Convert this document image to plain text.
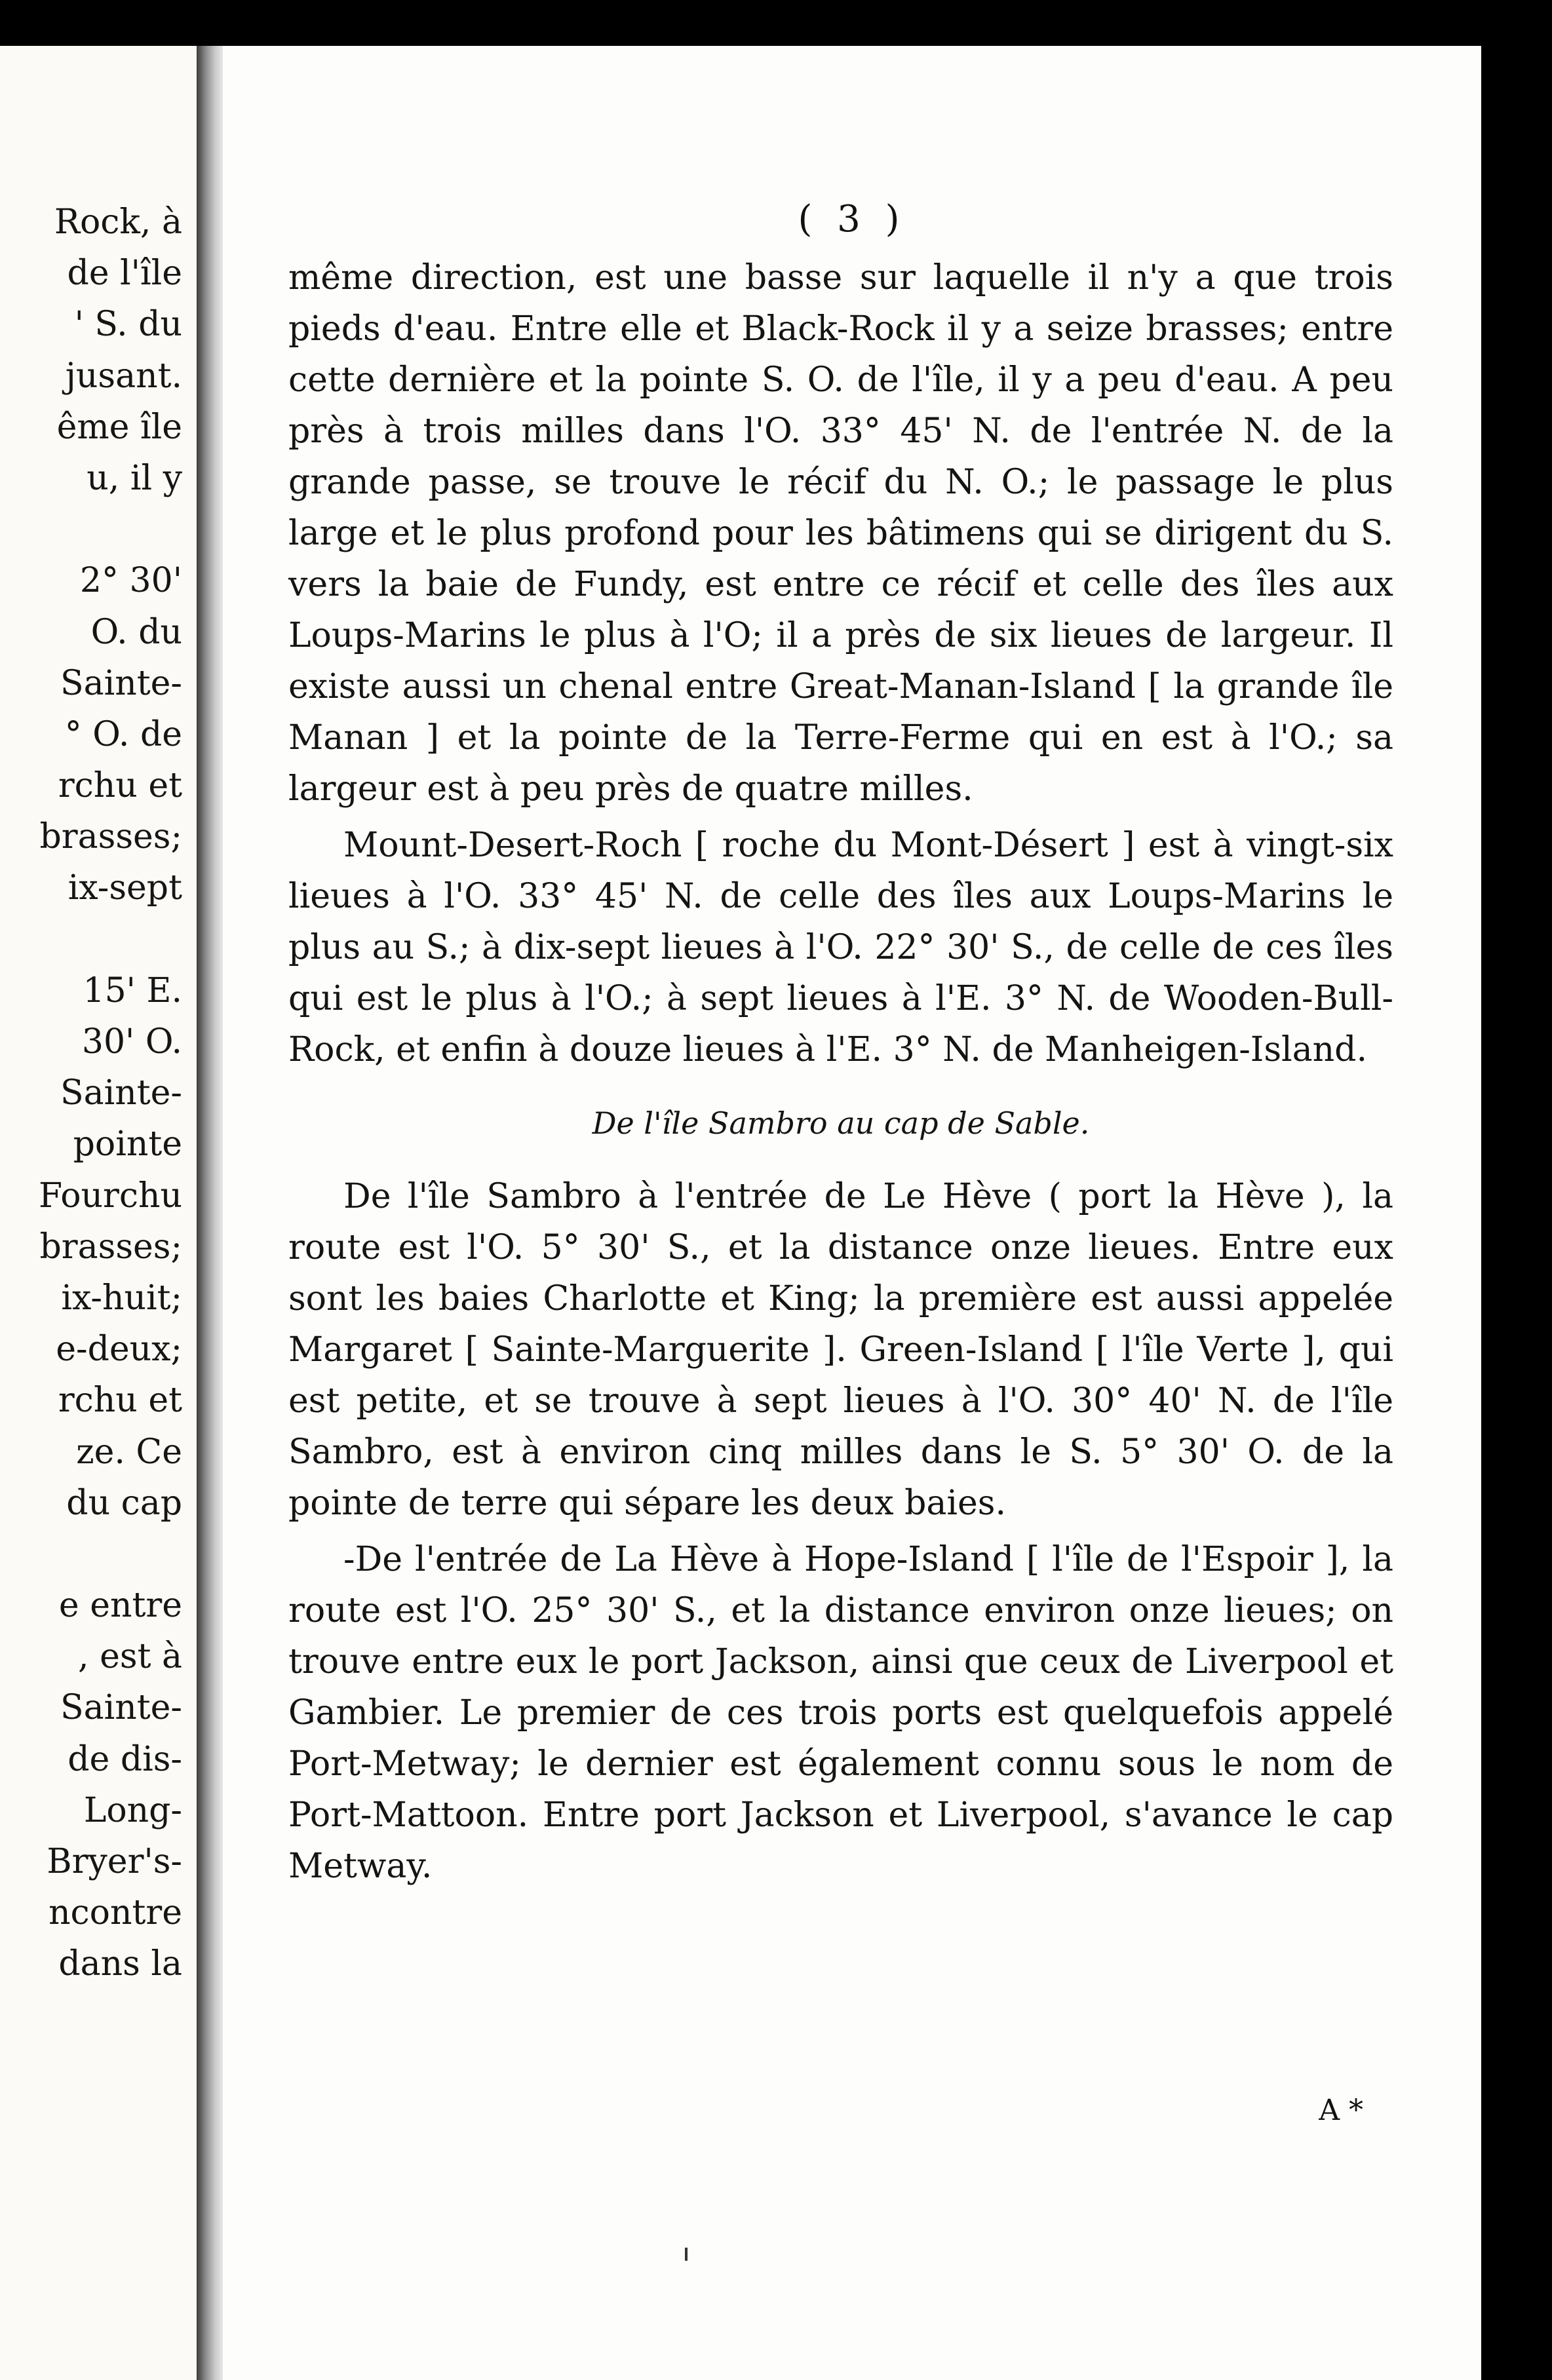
Rock, à
de l'île
' S. du
jusant.
ême île
u, il y
2° 30'
O. du
Sainte-
° O. de
rchu et
brasses;
ix-sept
15' E.
30' O.
Sainte-
pointe
Fourchu
brasses;
ix-huit;
e-deux;
rchu et
ze. Ce
du cap
e entre
, est à
Sainte-
de dis-
Long-
Bryer's-
ncontre
dans la
( 3 )

même direction, est une basse sur laquelle il n'y a que trois pieds d'eau. Entre elle et Black-Rock il y a seize brasses; entre cette dernière et la pointe S. O. de l'île, il y a peu d'eau. A peu près à trois milles dans l'O. 33° 45' N. de l'entrée N. de la grande passe, se trouve le récif du N. O.; le passage le plus large et le plus profond pour les bâtimens qui se dirigent du S. vers la baie de Fundy, est entre ce récif et celle des îles aux Loups-Marins le plus à l'O; il a près de six lieues de largeur. Il existe aussi un chenal entre Great-Manan-Island [ la grande île Manan ] et la pointe de la Terre-Ferme qui en est à l'O.; sa largeur est à peu près de quatre milles.

Mount-Desert-Roch [ roche du Mont-Désert ] est à vingt-six lieues à l'O. 33° 45' N. de celle des îles aux Loups-Marins le plus au S.; à dix-sept lieues à l'O. 22° 30' S., de celle de ces îles qui est le plus à l'O.; à sept lieues à l'E. 3° N. de Wooden-Bull-Rock, et enfin à douze lieues à l'E. 3° N. de Manheigen-Island.

De l'île Sambro au cap de Sable.

De l'île Sambro à l'entrée de Le Hève ( port la Hève ), la route est l'O. 5° 30' S., et la distance onze lieues. Entre eux sont les baies Charlotte et King; la première est aussi appelée Margaret [ Sainte-Marguerite ]. Green-Island [ l'île Verte ], qui est petite, et se trouve à sept lieues à l'O. 30° 40' N. de l'île Sambro, est à environ cinq milles dans le S. 5° 30' O. de la pointe de terre qui sépare les deux baies.

-De l'entrée de La Hève à Hope-Island [ l'île de l'Espoir ], la route est l'O. 25° 30' S., et la distance environ onze lieues; on trouve entre eux le port Jackson, ainsi que ceux de Liverpool et Gambier. Le premier de ces trois ports est quelquefois appelé Port-Metway; le dernier est également connu sous le nom de Port-Mattoon. Entre port Jackson et Liverpool, s'avance le cap Metway.

A *
